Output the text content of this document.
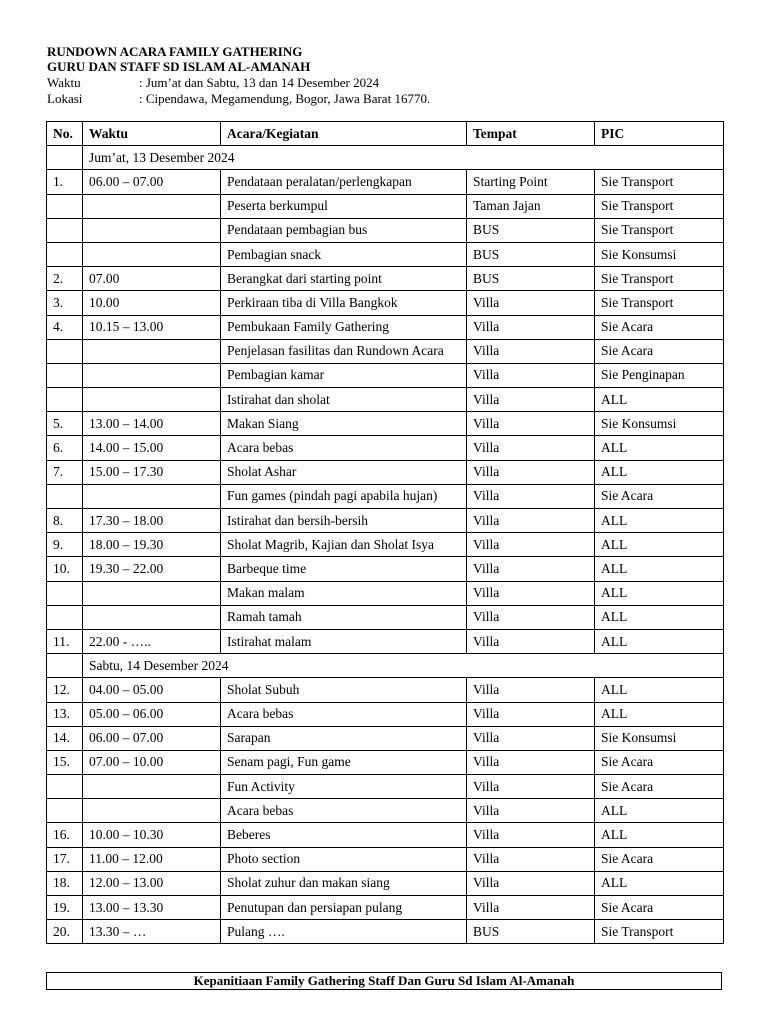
RUNDOWN ACARA FAMILY GATHERING
GURU DAN STAFF SD ISLAM AL-AMANAH
Waktu	: Jum’at dan Sabtu, 13 dan 14 Desember 2024
Lokasi	: Cipendawa, Megamendung, Bogor, Jawa Barat 16770.
No.	Waktu	Acara/Kegiatan	Tempat	PIC
	Jum’at, 13 Desember 2024			
1.	06.00 – 07.00	Pendataan peralatan/perlengkapan	Starting Point	Sie Transport
		Peserta berkumpul	Taman Jajan	Sie Transport
		Pendataan pembagian bus	BUS	Sie Transport
		Pembagian snack	BUS	Sie Konsumsi
2.	07.00	Berangkat dari starting point	BUS	Sie Transport
3.	10.00	Perkiraan tiba di Villa Bangkok	Villa	Sie Transport
4.	10.15 – 13.00	Pembukaan Family Gathering	Villa	Sie Acara
		Penjelasan fasilitas dan Rundown Acara	Villa	Sie Acara
		Pembagian kamar	Villa	Sie Penginapan
		Istirahat dan sholat	Villa	ALL
5.	13.00 – 14.00	Makan Siang	Villa	Sie Konsumsi
6.	14.00 – 15.00	Acara bebas	Villa	ALL
7.	15.00 – 17.30	Sholat Ashar	Villa	ALL
		Fun games (pindah pagi apabila hujan)	Villa	Sie Acara
8.	17.30 – 18.00	Istirahat dan bersih-bersih	Villa	ALL
9.	18.00 – 19.30	Sholat Magrib, Kajian dan Sholat Isya	Villa	ALL
10.	19.30 – 22.00	Barbeque time	Villa	ALL
		Makan malam	Villa	ALL
		Ramah tamah	Villa	ALL
11.	22.00 - …..	Istirahat malam	Villa	ALL
	Sabtu, 14 Desember 2024			
12.	04.00 – 05.00	Sholat Subuh	Villa	ALL
13.	05.00 – 06.00	Acara bebas	Villa	ALL
14.	06.00 – 07.00	Sarapan	Villa	Sie Konsumsi
15.	07.00 – 10.00	Senam pagi, Fun game	Villa	Sie Acara
		Fun Activity	Villa	Sie Acara
		Acara bebas	Villa	ALL
16.	10.00 – 10.30	Beberes	Villa	ALL
17.	11.00 – 12.00	Photo section	Villa	Sie Acara
18.	12.00 – 13.00	Sholat zuhur dan makan siang	Villa	ALL
19.	13.00 – 13.30	Penutupan dan persiapan pulang	Villa	Sie Acara
20.	13.30 – …	Pulang ….	BUS	Sie Transport
Kepanitiaan Family Gathering Staff Dan Guru Sd Islam Al-Amanah
